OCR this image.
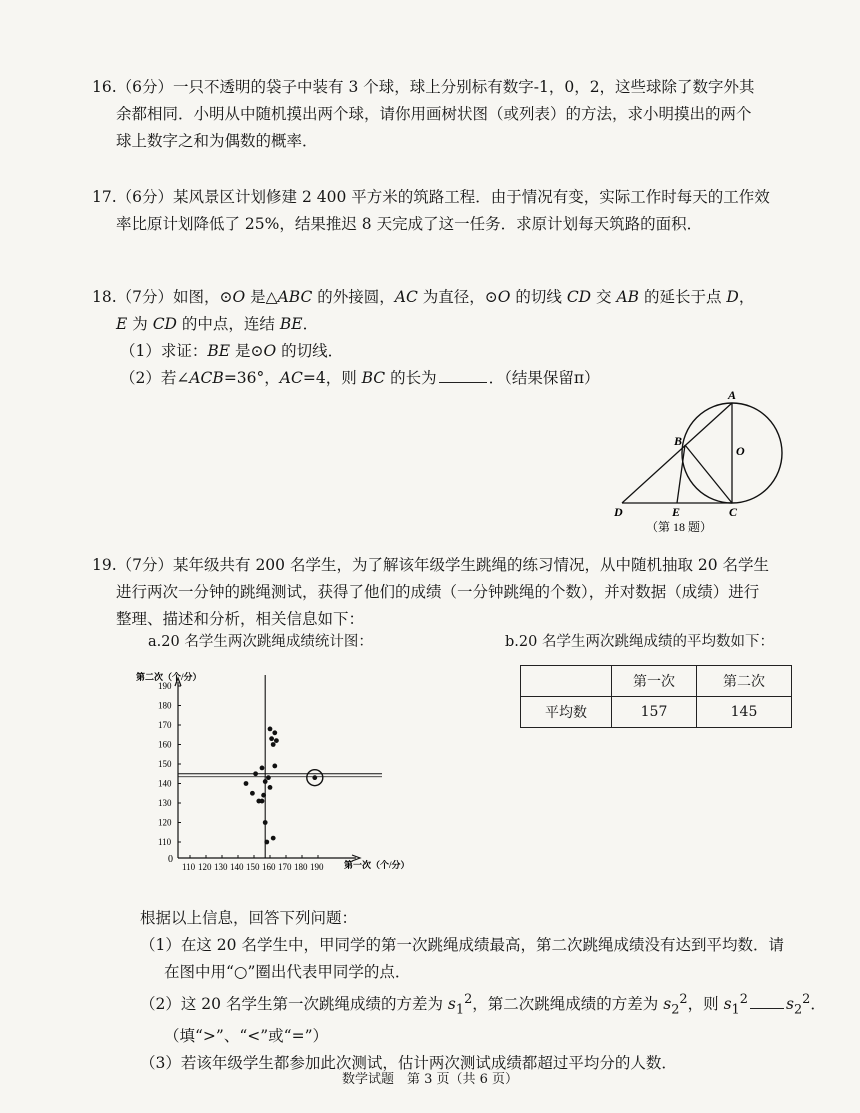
16.（6分）一只不透明的袋子中装有 3 个球，球上分别标有数字-1，0，2，这些球除了数字外其
余都相同．小明从中随机摸出两个球，请你用画树状图（或列表）的方法，求小明摸出的两个
球上数字之和为偶数的概率．
17.（6分）某风景区计划修建 2 400 平方米的筑路工程．由于情况有变，实际工作时每天的工作效
率比原计划降低了 25%，结果推迟 8 天完成了这一任务．求原计划每天筑路的面积．
18.（7分）如图，⊙O 是△ABC 的外接圆，AC 为直径，⊙O 的切线 CD 交 AB 的延长于点 D，
E 为 CD 的中点，连结 BE．
（1）求证：BE 是⊙O 的切线．
（2）若∠ACB=36°，AC=4，则 BC 的长为	．（结果保留π）
A
B
O
D	E	C
（第 18 题）
19.（7分）某年级共有 200 名学生，为了解该年级学生跳绳的练习情况，从中随机抽取 20 名学生
进行两次一分钟的跳绳测试，获得了他们的成绩（一分钟跳绳的个数），并对数据（成绩）进行
整理、描述和分析，相关信息如下：
a.20 名学生两次跳绳成绩统计图：	b.20 名学生两次跳绳成绩的平均数如下：
	第一次	第二次
平均数	157	145
0
110 120 130 140 150 160 170 180 190
110
120
130
140
150
160
170
180
190
第二次（个/分）
第一次（个/分）
根据以上信息，回答下列问题：
（1）在这 20 名学生中，甲同学的第一次跳绳成绩最高，第二次跳绳成绩没有达到平均数．请
在图中用“○”圈出代表甲同学的点．
（2）这 20 名学生第一次跳绳成绩的方差为 $s_1^2$，第二次跳绳成绩的方差为 $s_2^2$，则 $s_1^2$ $s_2^2$．
（填“>”、“<”或“=”）
（3）若该年级学生都参加此次测试，估计两次测试成绩都超过平均分的人数．
数学试题　第 3 页（共 6 页）
